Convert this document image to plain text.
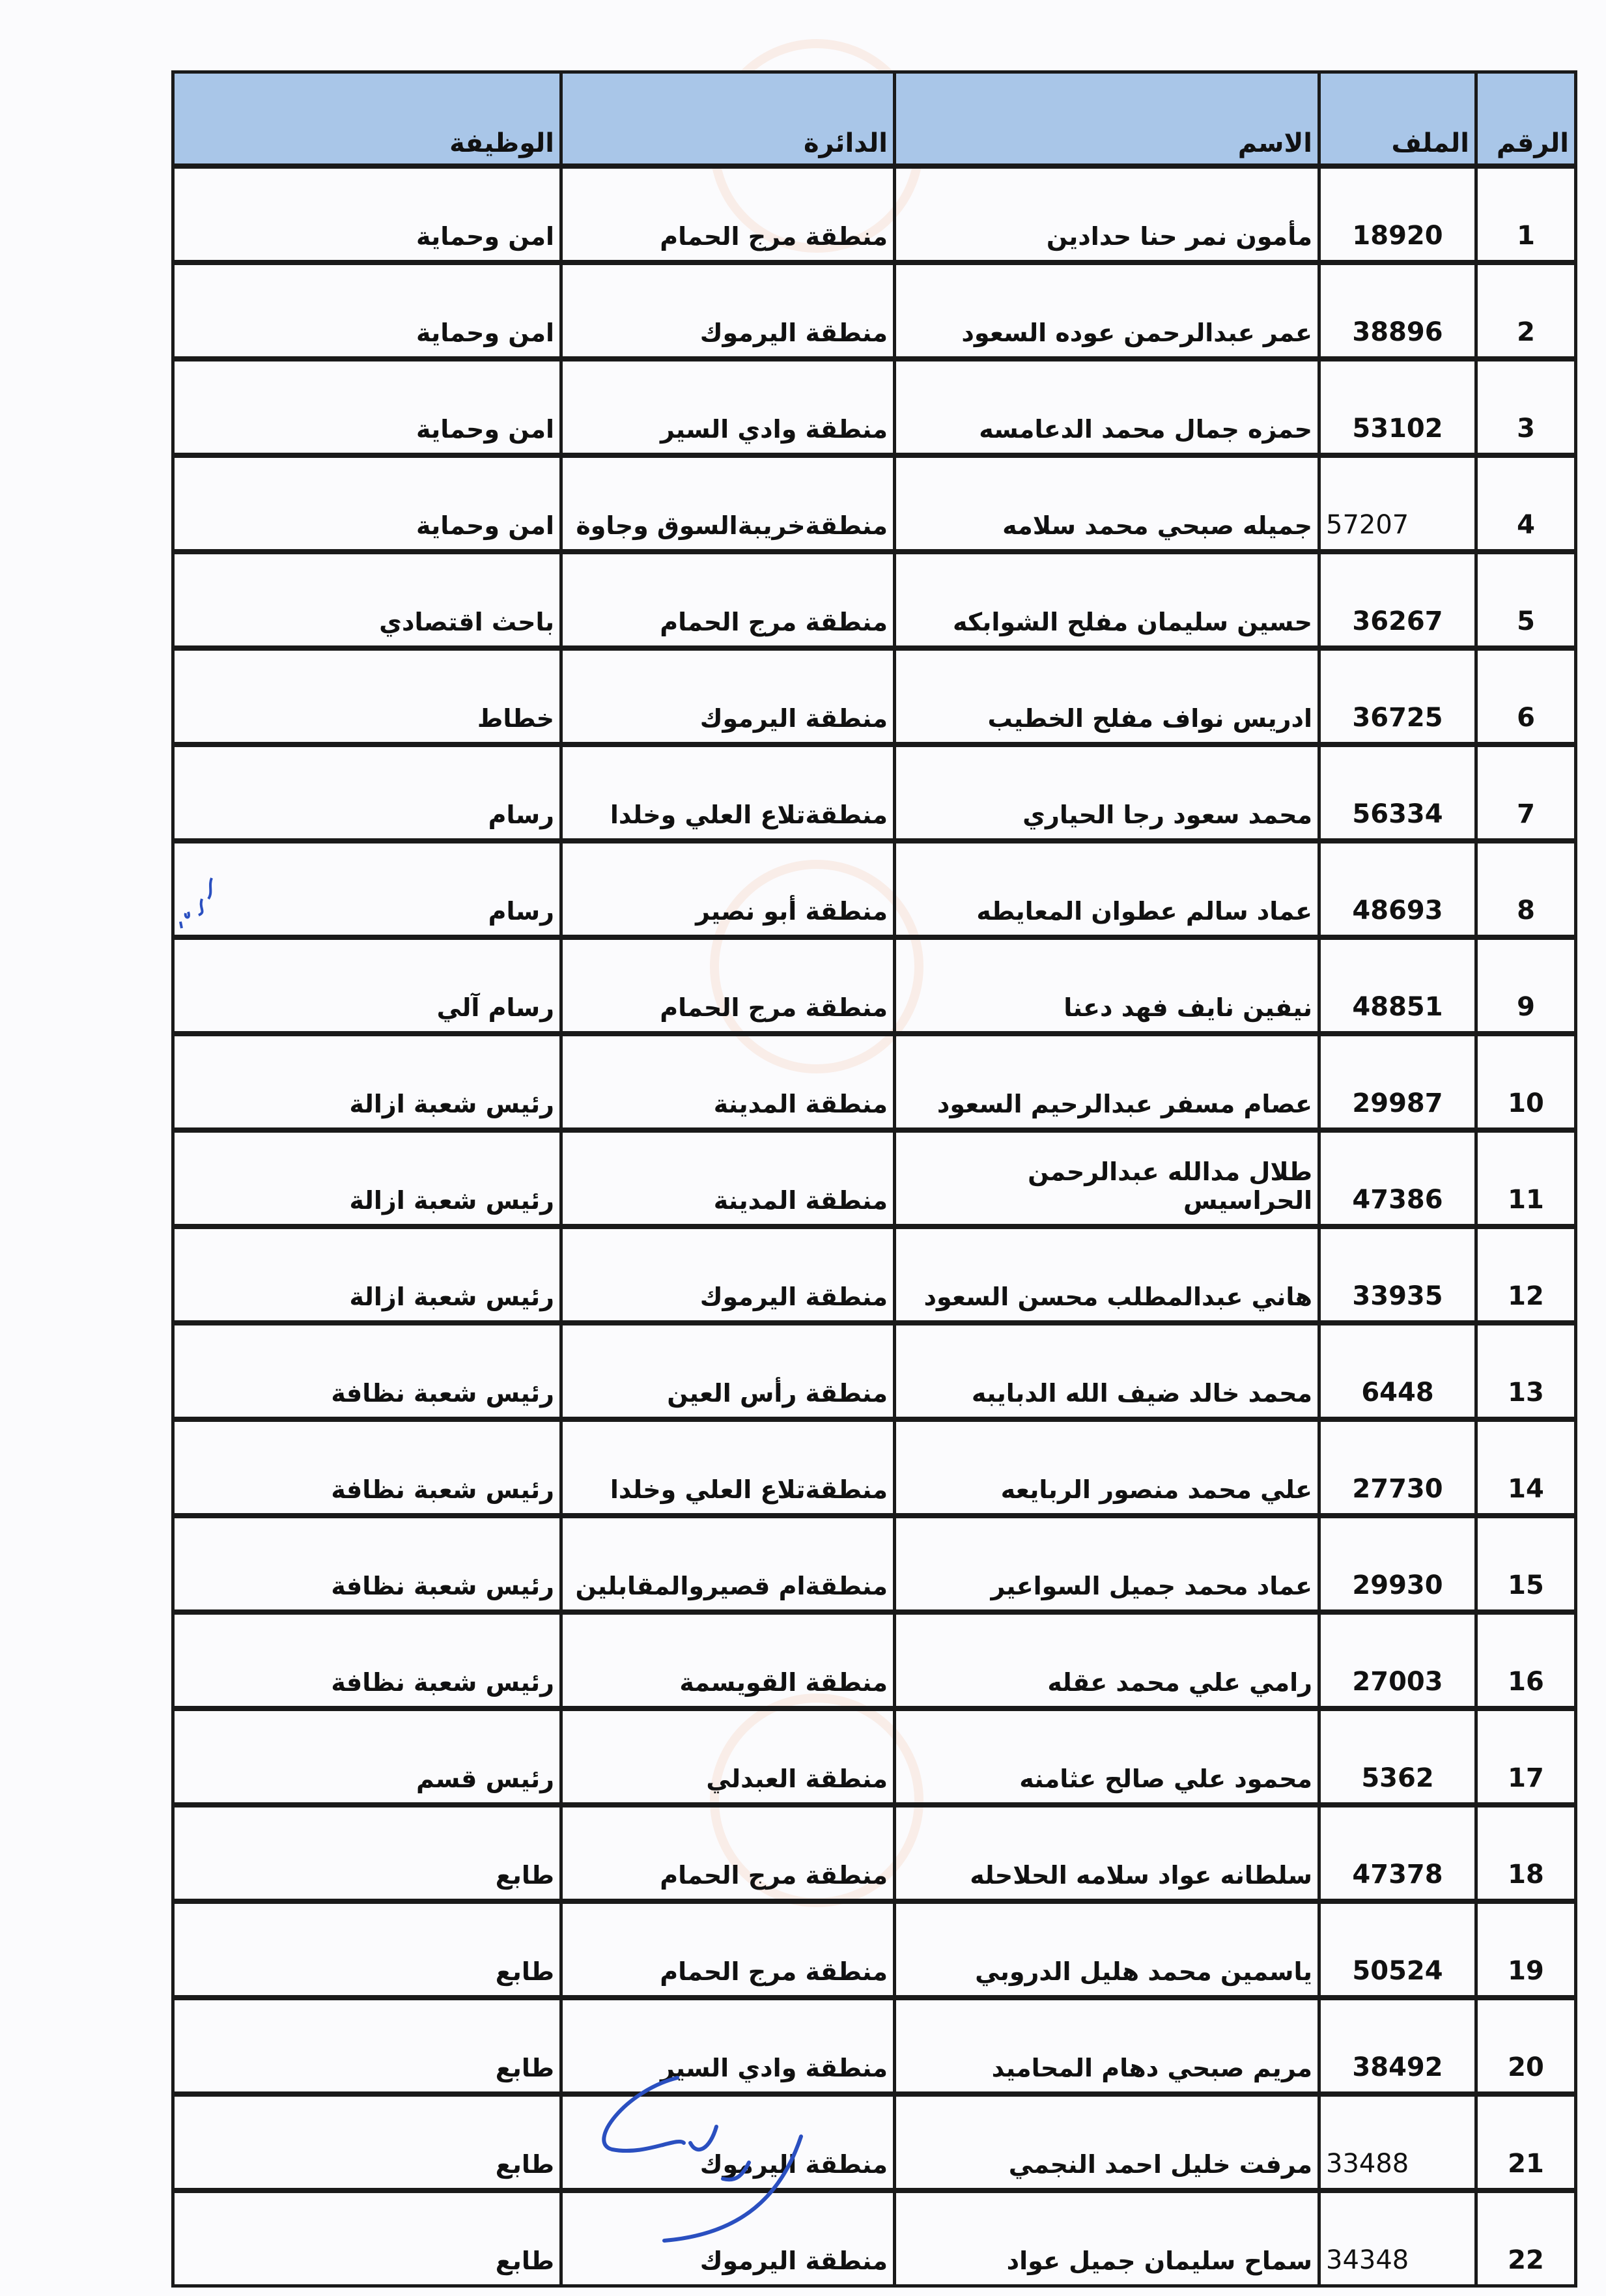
الرقم	الملف	الاسم	الدائرة	الوظيفة
1	18920	مأمون نمر حنا حدادين	منطقة مرج الحمام	امن وحماية
2	38896	عمر عبدالرحمن عوده السعود	منطقة اليرموك	امن وحماية
3	53102	حمزه جمال محمد الدعامسه	منطقة وادي السير	امن وحماية
4	57207	جميله صبحي محمد سلامه	منطقةخريبةالسوق وجاوة	امن وحماية
5	36267	حسين سليمان مفلح الشوابكه	منطقة مرج الحمام	باحث اقتصادي
6	36725	ادريس نواف مفلح الخطيب	منطقة اليرموك	خطاط
7	56334	محمد سعود رجا الحياري	منطقةتلاع العلي وخلدا	رسام
8	48693	عماد سالم عطوان المعايطه	منطقة أبو نصير	رسام
9	48851	نيفين نايف فهد دعنا	منطقة مرج الحمام	رسام آلي
10	29987	عصام مسفر عبدالرحيم السعود	منطقة المدينة	رئيس شعبة ازالة
11	47386	طلال مدالله عبدالرحمن الحراسيس	منطقة المدينة	رئيس شعبة ازالة
12	33935	هاني عبدالمطلب محسن السعود	منطقة اليرموك	رئيس شعبة ازالة
13	6448	محمد خالد ضيف الله الدبايبه	منطقة رأس العين	رئيس شعبة نظافة
14	27730	علي محمد منصور الربايعه	منطقةتلاع العلي وخلدا	رئيس شعبة نظافة
15	29930	عماد محمد جميل السواعير	منطقةام قصيروالمقابلين	رئيس شعبة نظافة
16	27003	رامي علي محمد عقله	منطقة القويسمة	رئيس شعبة نظافة
17	5362	محمود علي صالح عثامنه	منطقة العبدلي	رئيس قسم
18	47378	سلطانه عواد سلامه الحلاحله	منطقة مرج الحمام	طابع
19	50524	ياسمين محمد هليل الدروبي	منطقة مرج الحمام	طابع
20	38492	مريم صبحي دهام المحاميد	منطقة وادي السير	طابع
21	33488	مرفت خليل احمد النجمي	منطقة اليرموك	طابع
22	34348	سماح سليمان جميل عواد	منطقة اليرموك	طابع
